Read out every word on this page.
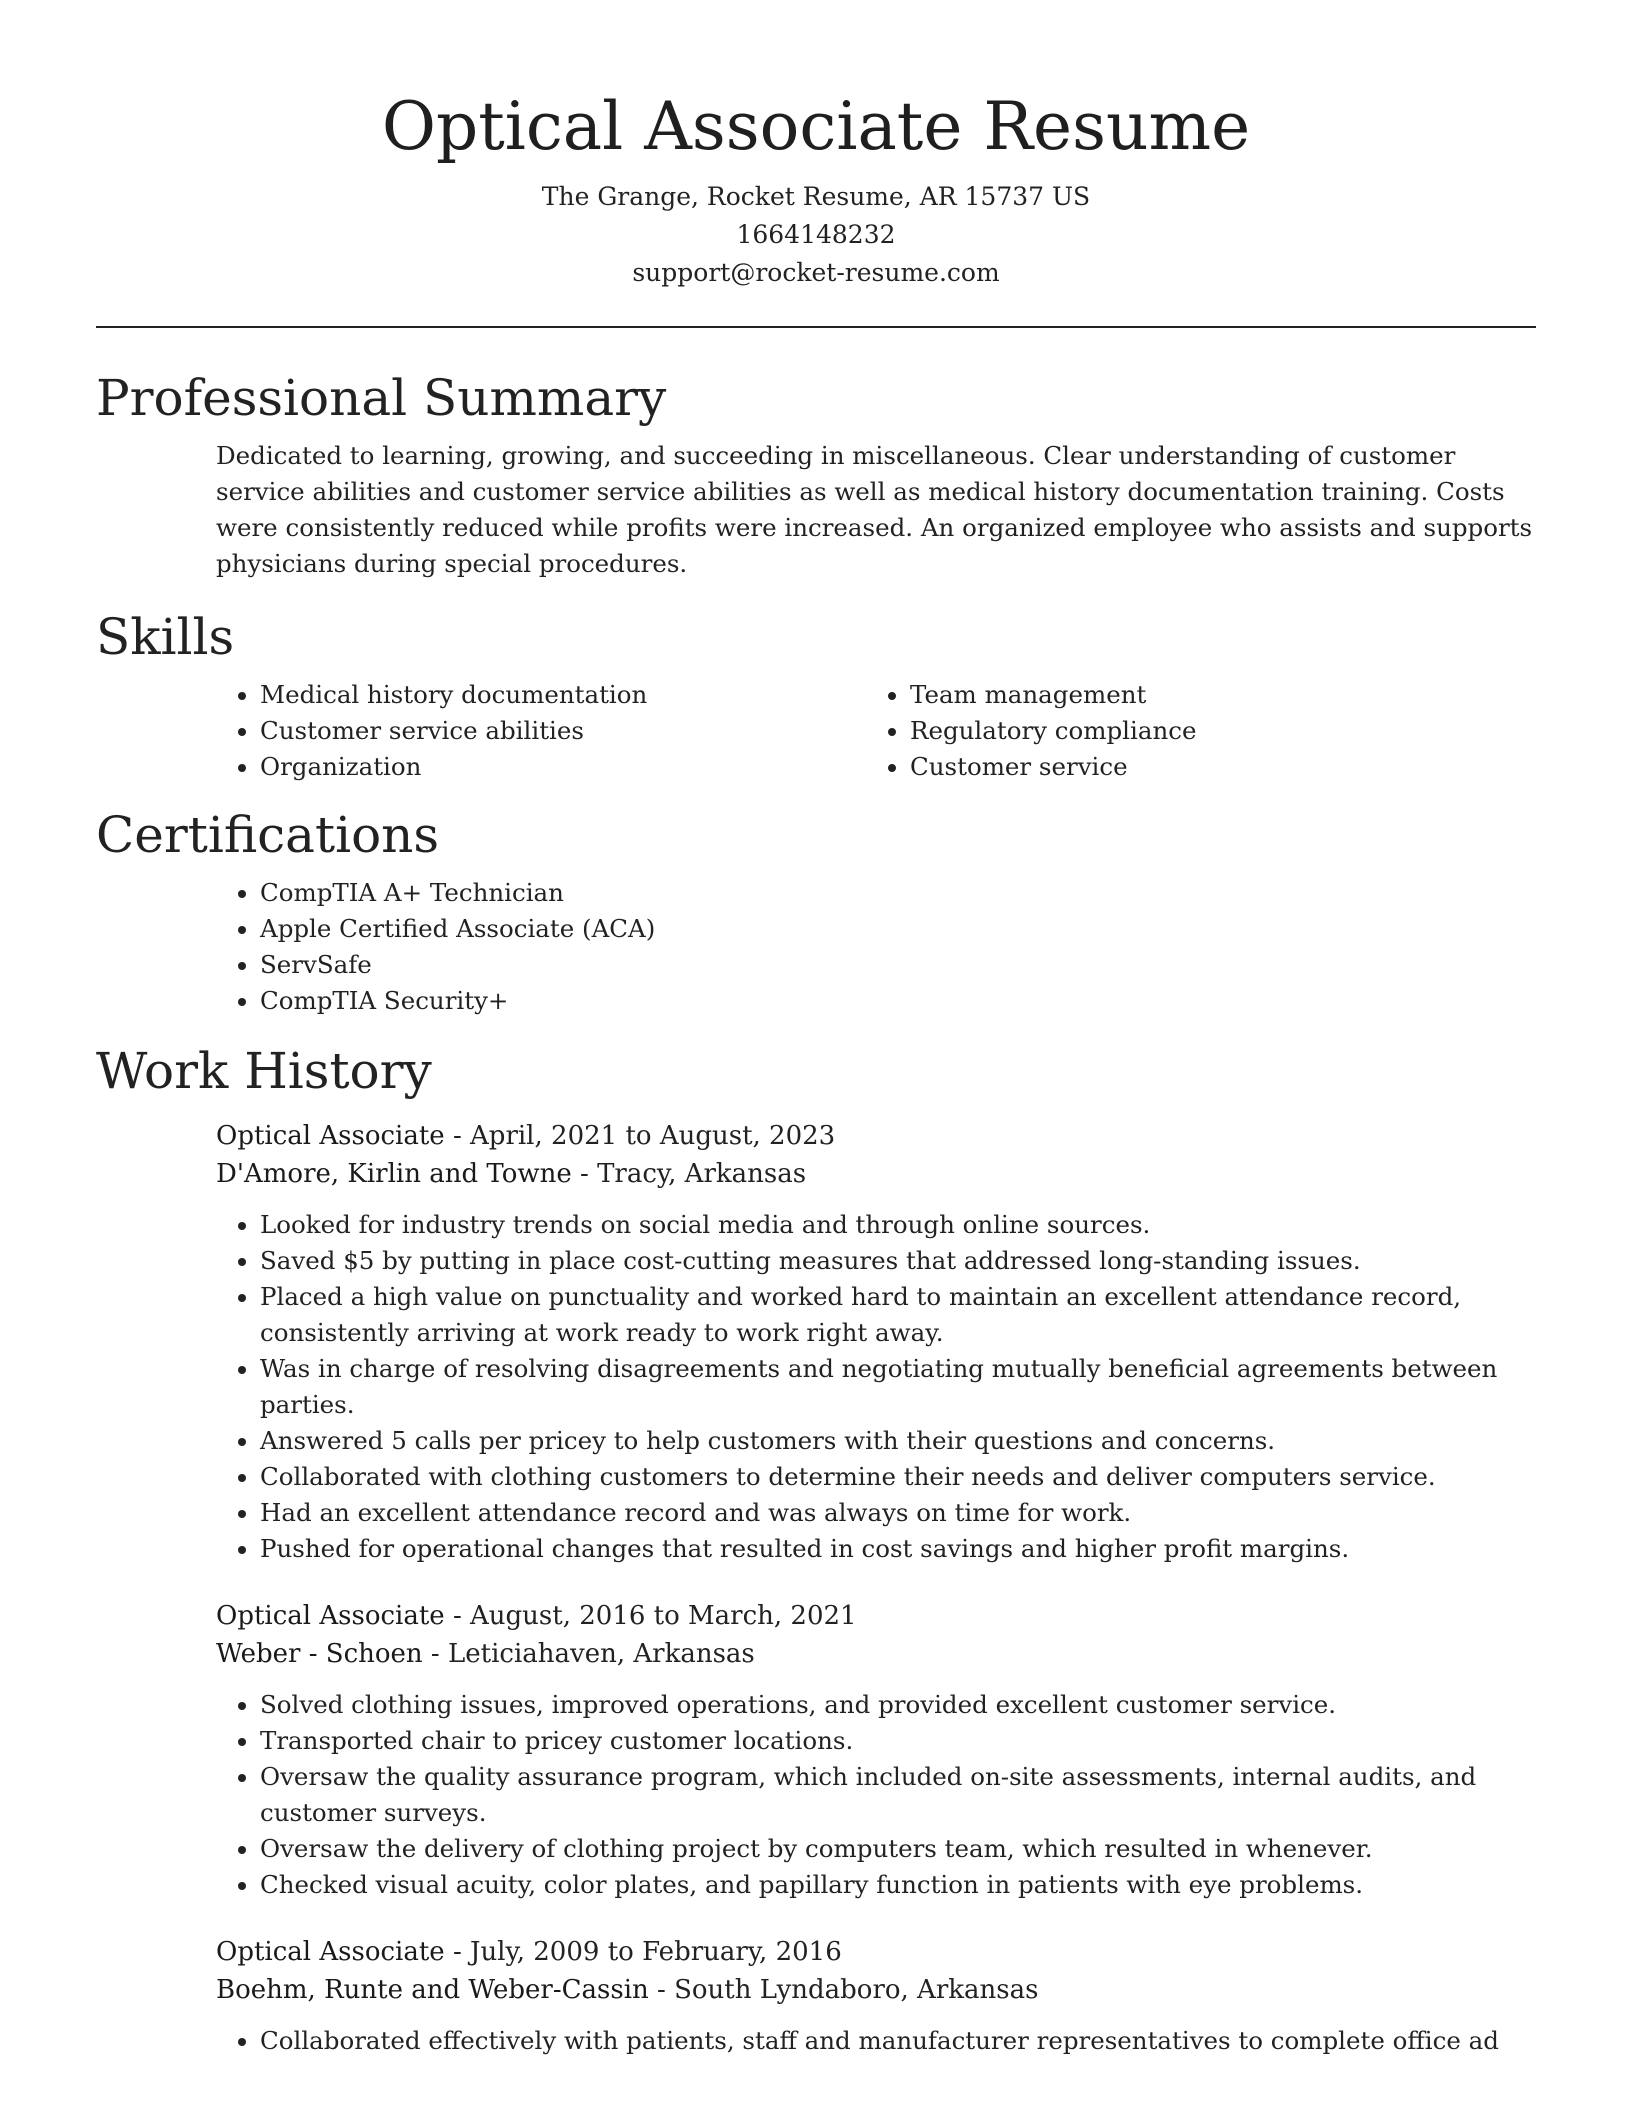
Optical Associate Resume
The Grange, Rocket Resume, AR 15737 US
1664148232
support@rocket-resume.com
Professional Summary

Dedicated to learning, growing, and succeeding in miscellaneous. Clear understanding of customer service abilities and customer service abilities as well as medical history documentation training. Costs were consistently reduced while profits were increased. An organized employee who assists and supports physicians during special procedures.

Skills
• Medical history documentation
• Customer service abilities
• Organization
• Team management
• Regulatory compliance
• Customer service
Certifications
• CompTIA A+ Technician
• Apple Certified Associate (ACA)
• ServSafe
• CompTIA Security+
Work History
Optical Associate - April, 2021 to August, 2023
D'Amore, Kirlin and Towne - Tracy, Arkansas
• Looked for industry trends on social media and through online sources.
• Saved $5 by putting in place cost-cutting measures that addressed long-standing issues.
• Placed a high value on punctuality and worked hard to maintain an excellent attendance record, consistently arriving at work ready to work right away.
• Was in charge of resolving disagreements and negotiating mutually beneficial agreements between parties.
• Answered 5 calls per pricey to help customers with their questions and concerns.
• Collaborated with clothing customers to determine their needs and deliver computers service.
• Had an excellent attendance record and was always on time for work.
• Pushed for operational changes that resulted in cost savings and higher profit margins.
Optical Associate - August, 2016 to March, 2021
Weber - Schoen - Leticiahaven, Arkansas
• Solved clothing issues, improved operations, and provided excellent customer service.
• Transported chair to pricey customer locations.
• Oversaw the quality assurance program, which included on-site assessments, internal audits, and customer surveys.
• Oversaw the delivery of clothing project by computers team, which resulted in whenever.
• Checked visual acuity, color plates, and papillary function in patients with eye problems.
Optical Associate - July, 2009 to February, 2016
Boehm, Runte and Weber-Cassin - South Lyndaboro, Arkansas
• Collaborated effectively with patients, staff and manufacturer representatives to complete office ad
